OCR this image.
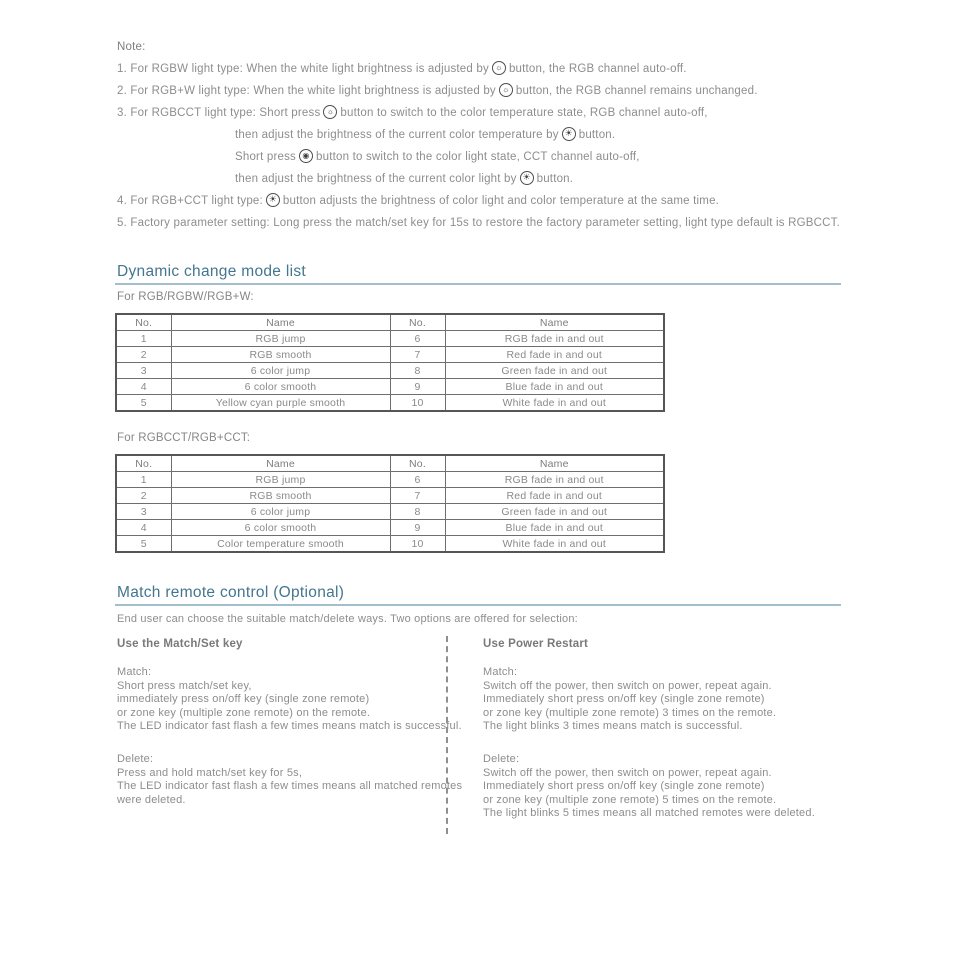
Note:
1. For RGBW light type: When the white light brightness is adjusted by ☼ button, the RGB channel auto-off.
2. For RGB+W light type: When the white light brightness is adjusted by ☼ button, the RGB channel remains unchanged.
3. For RGBCCT light type: Short press ☼ button to switch to the color temperature state, RGB channel auto-off,
then adjust the brightness of the current color temperature by ☀ button.
Short press ◉ button to switch to the color light state, CCT channel auto-off,
then adjust the brightness of the current color light by ☀ button.
4. For RGB+CCT light type: ☀ button adjusts the brightness of color light and color temperature at the same time.
5. Factory parameter setting: Long press the match/set key for 15s to restore the factory parameter setting, light type default is RGBCCT.
Dynamic change mode list
For RGB/RGBW/RGB+W:
No.	Name	No.	Name
1	RGB jump	6	RGB fade in and out
2	RGB smooth	7	Red fade in and out
3	6 color jump	8	Green fade in and out
4	6 color smooth	9	Blue fade in and out
5	Yellow cyan purple smooth	10	White fade in and out
For RGBCCT/RGB+CCT:
No.	Name	No.	Name
1	RGB jump	6	RGB fade in and out
2	RGB smooth	7	Red fade in and out
3	6 color jump	8	Green fade in and out
4	6 color smooth	9	Blue fade in and out
5	Color temperature smooth	10	White fade in and out
Match remote control (Optional)
End user can choose the suitable match/delete ways. Two options are offered for selection:
Use the Match/Set key	Use Power Restart
Match:
Short press match/set key,
immediately press on/off key (single zone remote)
or zone key (multiple zone remote) on the remote.
The LED indicator fast flash a few times means match is successful.
Match:
Switch off the power, then switch on power, repeat again.
Immediately short press on/off key (single zone remote)
or zone key (multiple zone remote) 3 times on the remote.
The light blinks 3 times means match is successful.
Delete:
Press and hold match/set key for 5s,
The LED indicator fast flash a few times means all matched remotes
were deleted.
Delete:
Switch off the power, then switch on power, repeat again.
Immediately short press on/off key (single zone remote)
or zone key (multiple zone remote) 5 times on the remote.
The light blinks 5 times means all matched remotes were deleted.
